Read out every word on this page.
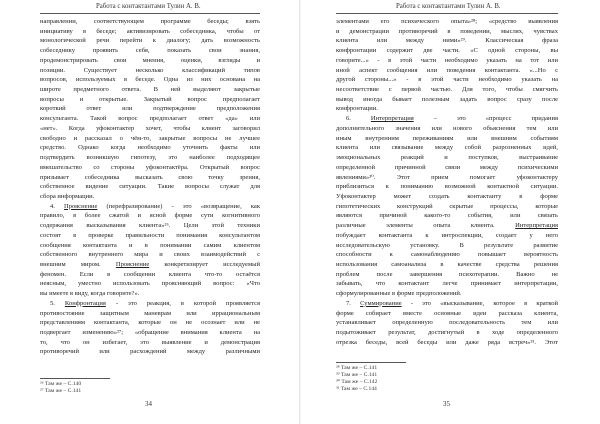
Работа с контактантами Тулин А. В.
направлении, соответствующем программе беседы; взять
инициативу в беседе; активизировать собеседника, чтобы от
монологической речи перейти к диалогу; дать возможность
собеседнику проявить себя, показать свои знания,
продемонстрировать свои мнения, оценки, взгляды и
позиции. Существует несколько классификаций типов
вопросов, используемых в беседе. Одна из них основана на
широте предметного ответа. В ней выделяют закрытые
вопросы и открытые. Закрытый вопрос предполагает
короткий ответ или подтверждение предположения
консультанта. Такой вопрос предполагает ответ «да» или
«нет». Когда уфоконтактер хочет, чтобы клиент заговорил
свободно и рассказал о чём-то, закрытые вопросы не лучшее
средство. Однако когда необходимо уточнить факты или
подтвердить возникшую гипотезу, это наиболее подходящее
вмешательство со стороны уфоконтактёра. Открытый вопрос
призывает собеседника высказать свою точку зрения,
собственное видение ситуации. Такие вопросы служат для
сбора информации.
4. Прояснение (перефразирование) - это «возвращение, как
правило, в более сжатой и ясной форме сути когнитивного
содержания высказывания клиента»²⁶. Цели этой техники
состоят в проверке правильности понимания консультантом
сообщения контактанта и в понимании самим клиентом
собственного внутреннего мира и своих взаимодействий с
внешним миром. Прояснение конкретизирует исследуемый
феномен. Если в сообщении клиента что-то остаётся
неясным, уместно использовать проясняющий вопрос: «Что
вы имеете в виду, когда говорите?».
5. Конфронтация - это реакция, в которой проявляется
противостояние защитным маневрам или иррациональным
представлениям контактанта, которые он не осознает или не
подвергает изменению»²⁷; «обращение внимания клиента на
то, что он избегает, это выявление и демонстрация
противоречий или расхождений между различными
²⁶ Там же – С.140
²⁷ Там же – С.141
34
Работа с контактантами Тулин А. В.
элементами его психического опыта»²⁸; «средство выявления
и демонстрации противоречий в поведении, мыслях, чувствах
клиента или между ними»²⁹. Классическая фраза
конфронтации содержит две части. «С одной стороны, вы
говорите...» - в этой части необходимо указать на тот или
иной аспект сообщения или поведения контактанта. «...Но с
другой стороны...» - в этой части необходимо указать на
несоответствие с первой частью. Для того, чтобы смягчить
вывод иногда бывает полезным задать вопрос сразу после
конфронтации.
6. Интерпретация – это «процесс придания
дополнительного значения или нового объяснения тем или
иным внутренним переживаниям или внешним событиям
клиента или связывание между собой разрозненных идей,
эмоциональных реакций и поступков, выстраивание
определенной причинной связи между психическими
явлениями»³⁰. Этот прием помогает уфоконтактеру
приблизиться к пониманию возможной контактной ситуации.
Уфоконтактер может создать контактанту в форме
гипотетических конструкций скрытые процессы, которые
являются причиной какого-то события, или связать
различные элементы опыта клиента. Интерпретация
побуждает контактанта к интроспекции, создает у него
исследовательскую установку. В результате развитие
способности к самонаблюдению повышает вероятность
использования самоанализа в качестве средства решения
проблем после завершения психотерапии. Важно не
забывать, что контактант легче принимает интерпретации,
сформулированные в форме предположений.
7. Суммирование - это «высказывание, которое в краткой
форме собирает вместе основные идеи рассказа клиента,
устанавливает определенную последовательность тем или
подытоживает результат, достигнутый в ходе определенного
отрезка беседы, всей беседы или даже ряда встреч»³¹. Этот
²⁸ Там же – С.141
²⁹ Там же – С.141
³⁰ Там же – С.142
³¹ Там же – С.144
35
